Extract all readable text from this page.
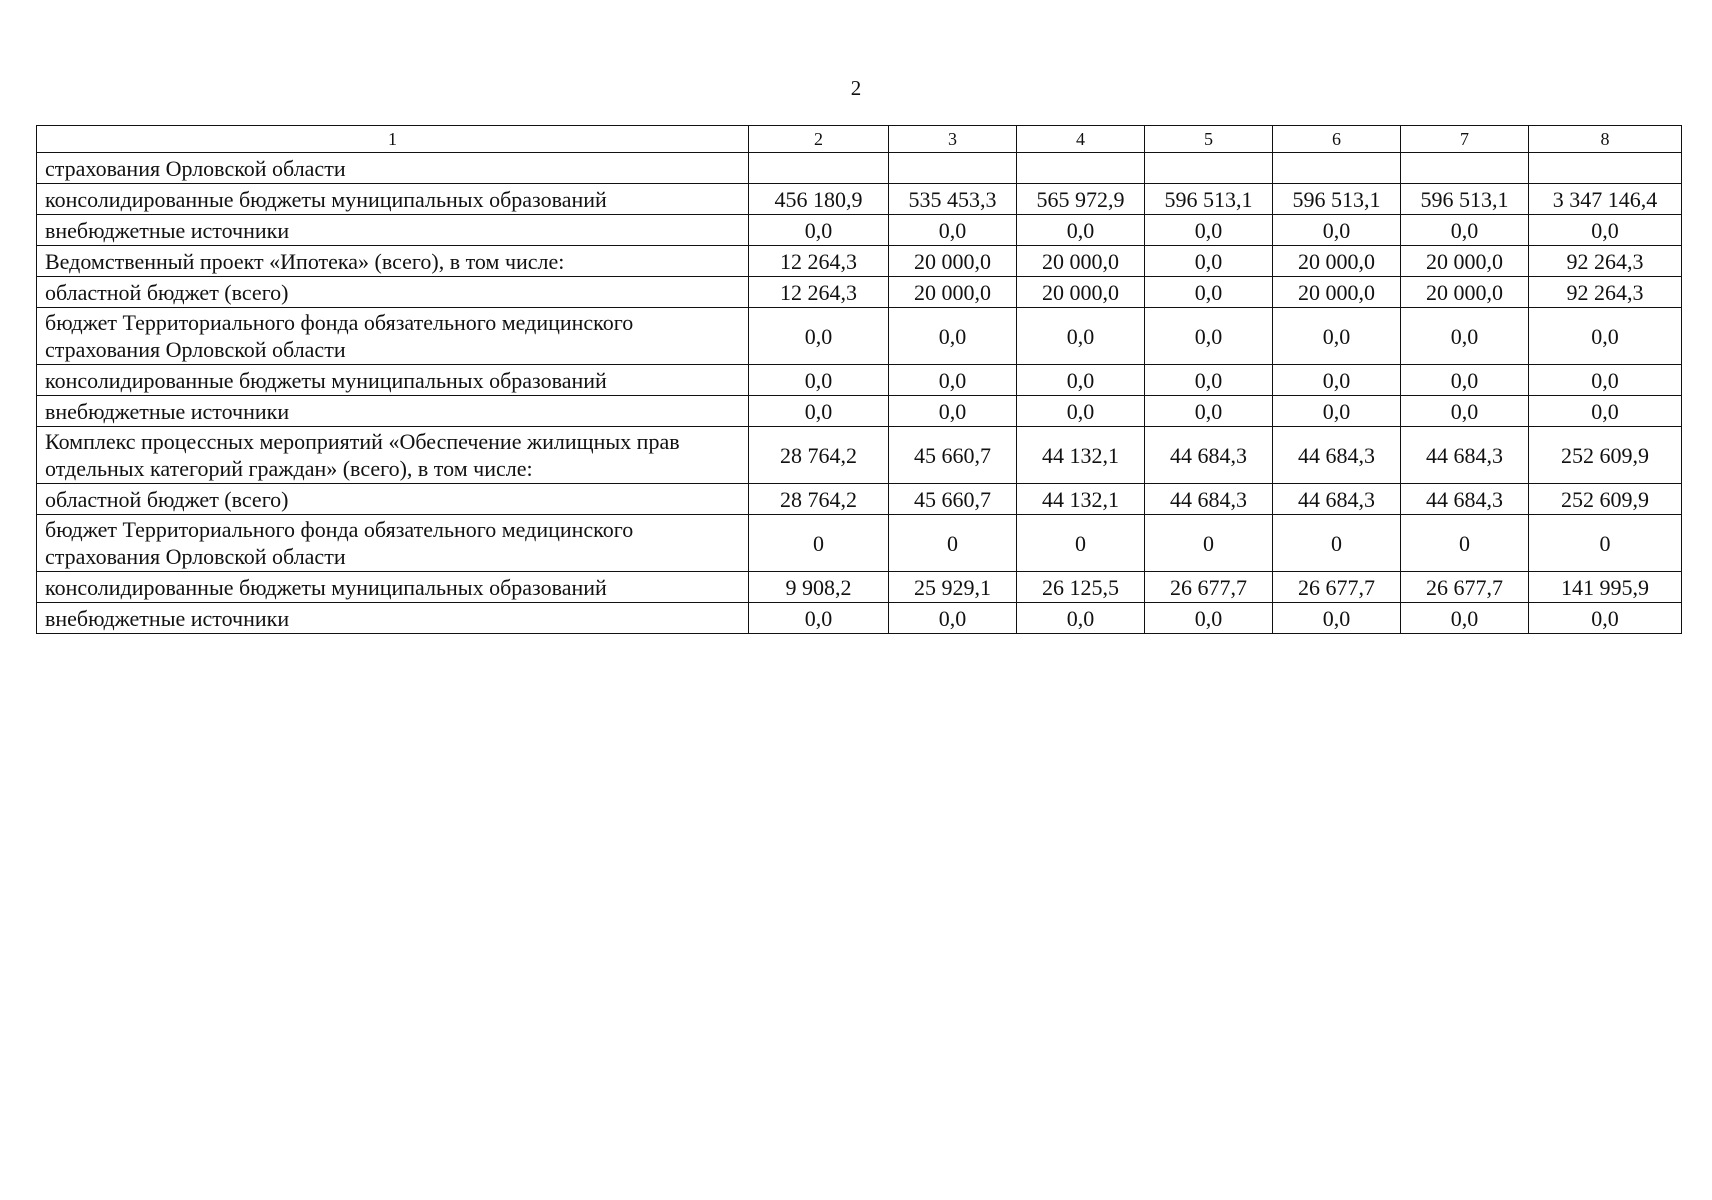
2
1	2	3	4	5	6	7	8
страхования Орловской области							
консолидированные бюджеты муниципальных образований	456 180,9	535 453,3	565 972,9	596 513,1	596 513,1	596 513,1	3 347 146,4
внебюджетные источники	0,0	0,0	0,0	0,0	0,0	0,0	0,0
Ведомственный проект «Ипотека» (всего), в том числе:	12 264,3	20 000,0	20 000,0	0,0	20 000,0	20 000,0	92 264,3
областной бюджет (всего)	12 264,3	20 000,0	20 000,0	0,0	20 000,0	20 000,0	92 264,3
бюджет Территориального фонда обязательного медицинского страхования Орловской области	0,0	0,0	0,0	0,0	0,0	0,0	0,0
консолидированные бюджеты муниципальных образований	0,0	0,0	0,0	0,0	0,0	0,0	0,0
внебюджетные источники	0,0	0,0	0,0	0,0	0,0	0,0	0,0
Комплекс процессных мероприятий «Обеспечение жилищных прав отдельных категорий граждан» (всего), в том числе:	28 764,2	45 660,7	44 132,1	44 684,3	44 684,3	44 684,3	252 609,9
областной бюджет (всего)	28 764,2	45 660,7	44 132,1	44 684,3	44 684,3	44 684,3	252 609,9
бюджет Территориального фонда обязательного медицинского страхования Орловской области	0	0	0	0	0	0	0
консолидированные бюджеты муниципальных образований	9 908,2	25 929,1	26 125,5	26 677,7	26 677,7	26 677,7	141 995,9
внебюджетные источники	0,0	0,0	0,0	0,0	0,0	0,0	0,0
